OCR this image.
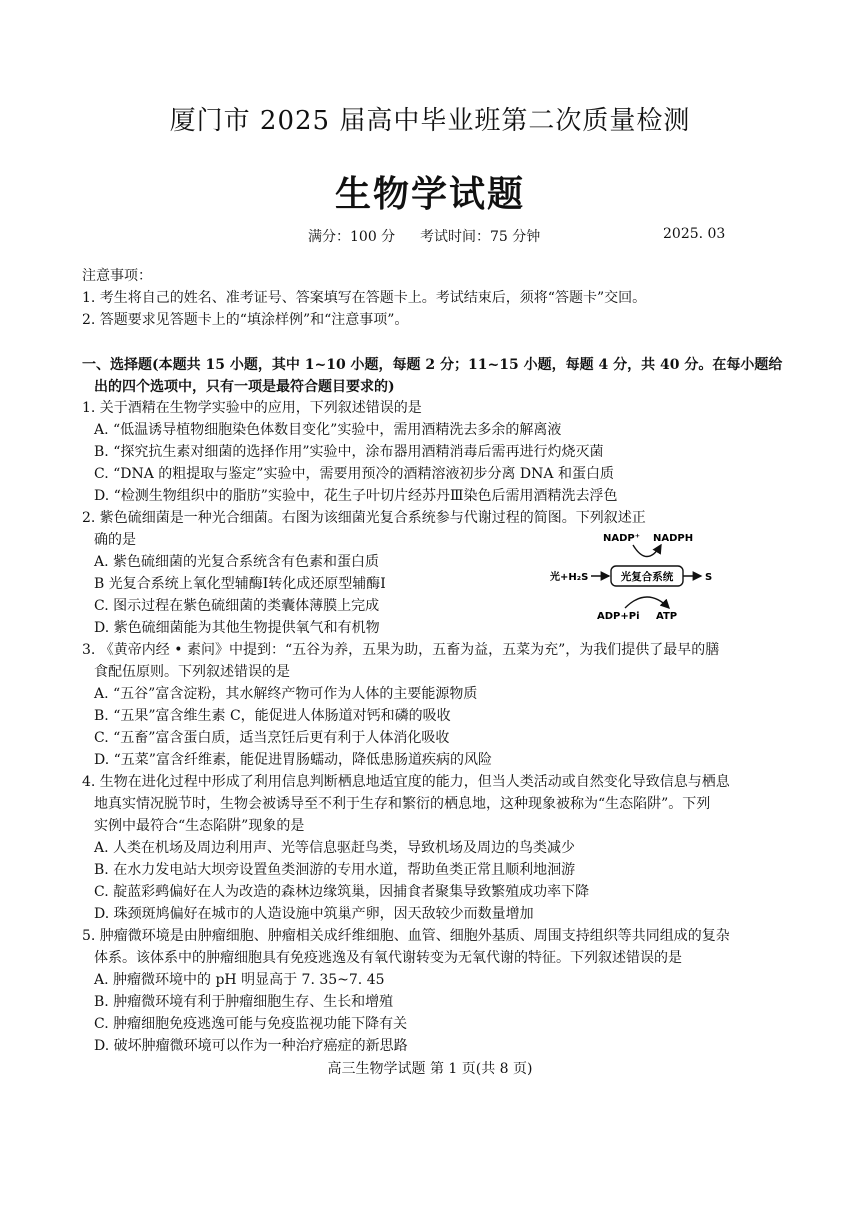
厦门市 2025 届高中毕业班第二次质量检测
生物学试题
满分：100 分 考试时间：75 分钟	2025. 03
注意事项：
1. 考生将自己的姓名、准考证号、答案填写在答题卡上。考试结束后，须将“答题卡”交回。
2. 答题要求见答题卡上的“填涂样例”和“注意事项”。
一、选择题(本题共 15 小题，其中 1~10 小题，每题 2 分；11~15 小题，每题 4 分，共 40 分。在每小题给
出的四个选项中，只有一项是最符合题目要求的)
1. 关于酒精在生物学实验中的应用，下列叙述错误的是
A. “低温诱导植物细胞染色体数目变化”实验中，需用酒精洗去多余的解离液
B. “探究抗生素对细菌的选择作用”实验中，涂布器用酒精消毒后需再进行灼烧灭菌
C. “DNA 的粗提取与鉴定”实验中，需要用预冷的酒精溶液初步分离 DNA 和蛋白质
D. “检测生物组织中的脂肪”实验中，花生子叶切片经苏丹Ⅲ染色后需用酒精洗去浮色
2. 紫色硫细菌是一种光合细菌。右图为该细菌光复合系统参与代谢过程的简图。下列叙述正
确的是
A. 紫色硫细菌的光复合系统含有色素和蛋白质
B 光复合系统上氧化型辅酶Ⅰ转化成还原型辅酶Ⅰ
C. 图示过程在紫色硫细菌的类囊体薄膜上完成
D. 紫色硫细菌能为其他生物提供氧气和有机物
NADP⁺ NADPH
光+H₂S	光复合系统	S
ADP+Pi ATP
3. 《黄帝内经 • 素问》中提到：“五谷为养，五果为助，五畜为益，五菜为充”，为我们提供了最早的膳
食配伍原则。下列叙述错误的是
A. “五谷”富含淀粉，其水解终产物可作为人体的主要能源物质
B. “五果”富含维生素 C，能促进人体肠道对钙和磷的吸收
C. “五畜”富含蛋白质，适当烹饪后更有利于人体消化吸收
D. “五菜”富含纤维素，能促进胃肠蠕动，降低患肠道疾病的风险
4. 生物在进化过程中形成了利用信息判断栖息地适宜度的能力，但当人类活动或自然变化导致信息与栖息
地真实情况脱节时，生物会被诱导至不利于生存和繁衍的栖息地，这种现象被称为“生态陷阱”。下列
实例中最符合“生态陷阱”现象的是
A. 人类在机场及周边利用声、光等信息驱赶鸟类，导致机场及周边的鸟类减少
B. 在水力发电站大坝旁设置鱼类洄游的专用水道，帮助鱼类正常且顺利地洄游
C. 靛蓝彩鹀偏好在人为改造的森林边缘筑巢，因捕食者聚集导致繁殖成功率下降
D. 珠颈斑鸠偏好在城市的人造设施中筑巢产卵，因天敌较少而数量增加
5. 肿瘤微环境是由肿瘤细胞、肿瘤相关成纤维细胞、血管、细胞外基质、周围支持组织等共同组成的复杂
体系。该体系中的肿瘤细胞具有免疫逃逸及有氧代谢转变为无氧代谢的特征。下列叙述错误的是
A. 肿瘤微环境中的 pH 明显高于 7. 35~7. 45
B. 肿瘤微环境有利于肿瘤细胞生存、生长和增殖
C. 肿瘤细胞免疫逃逸可能与免疫监视功能下降有关
D. 破坏肿瘤微环境可以作为一种治疗癌症的新思路
高三生物学试题 第 1 页(共 8 页)
